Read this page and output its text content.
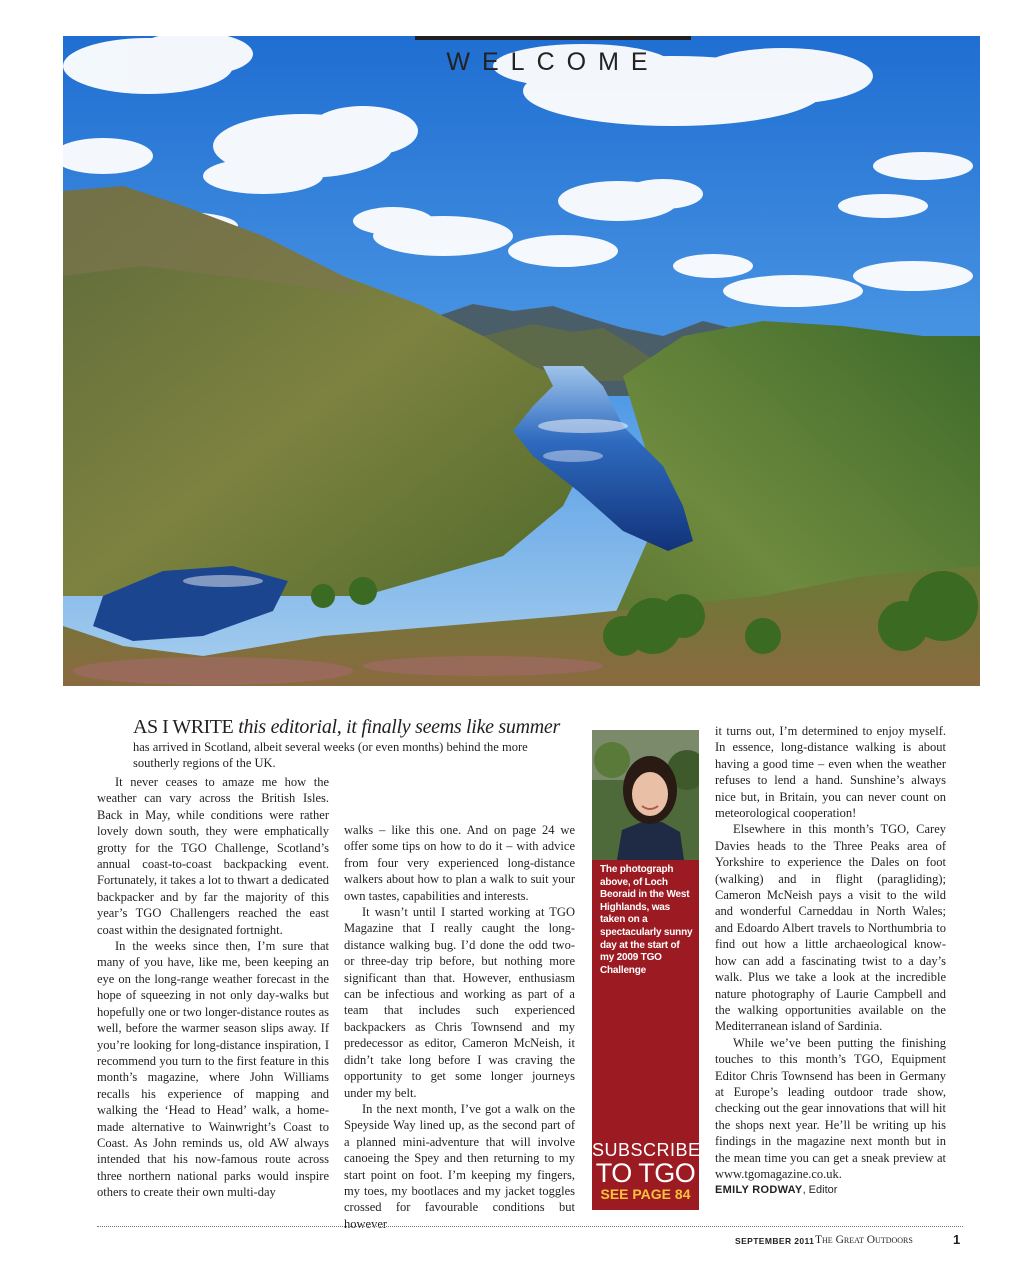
WELCOME
AS I WRITE this editorial, it finally seems like summer
has arrived in Scotland, albeit several weeks (or even months) behind the more southerly regions of the UK.

It never ceases to amaze me how the weather can vary across the British Isles. Back in May, while conditions were rather lovely down south, they were emphatically grotty for the TGO Challenge, Scotland’s annual coast-to-coast backpacking event. Fortunately, it takes a lot to thwart a dedicated backpacker and by far the majority of this year’s TGO Challengers reached the east coast within the designated fortnight.

In the weeks since then, I’m sure that many of you have, like me, been keeping an eye on the long-range weather forecast in the hope of squeezing in not only day-walks but hopefully one or two longer-distance routes as well, before the warmer season slips away. If you’re looking for long-distance inspiration, I recommend you turn to the first feature in this month’s magazine, where John Williams recalls his experience of mapping and walking the ‘Head to Head’ walk, a home-made alternative to Wainwright’s Coast to Coast. As John reminds us, old AW always intended that his now-famous route across three northern national parks would inspire others to create their own multi-day

walks – like this one. And on page 24 we offer some tips on how to do it – with advice from four very experienced long-distance walkers about how to plan a walk to suit your own tastes, capabilities and interests.

It wasn’t until I started working at TGO Magazine that I really caught the long-distance walking bug. I’d done the odd two- or three-day trip before, but nothing more significant than that. However, enthusiasm can be infectious and working as part of a team that includes such experienced backpackers as Chris Townsend and my predecessor as editor, Cameron McNeish, it didn’t take long before I was craving the opportunity to get some longer journeys under my belt.

In the next month, I’ve got a walk on the Speyside Way lined up, as the second part of a planned mini-adventure that will involve canoeing the Spey and then returning to my start point on foot. I’m keeping my fingers, my toes, my bootlaces and my jacket toggles crossed for favourable conditions but however

The photograph above, of Loch Beoraid in the West Highlands, was taken on a spectacularly sunny day at the start of my 2009 TGO Challenge
SUBSCRIBE
TO TGO
SEE PAGE 84

it turns out, I’m determined to enjoy myself. In essence, long-distance walking is about having a good time – even when the weather refuses to lend a hand. Sunshine’s always nice but, in Britain, you can never count on meteorological cooperation!

Elsewhere in this month’s TGO, Carey Davies heads to the Three Peaks area of Yorkshire to experience the Dales on foot (walking) and in flight (paragliding); Cameron McNeish pays a visit to the wild and wonderful Carneddau in North Wales; and Edoardo Albert travels to Northumbria to find out how a little archaeological know-how can add a fascinating twist to a day’s walk. Plus we take a look at the incredible nature photography of Laurie Campbell and the walking opportunities available on the Mediterranean island of Sardinia.

While we’ve been putting the finishing touches to this month’s TGO, Equipment Editor Chris Townsend has been in Germany at Europe’s leading outdoor trade show, checking out the gear innovations that will hit the shops next year. He’ll be writing up his findings in the magazine next month but in the mean time you can get a sneak preview at www.tgomagazine.co.uk.

EMILY RODWAY, Editor
SEPTEMBER 2011 The Great Outdoors	1
